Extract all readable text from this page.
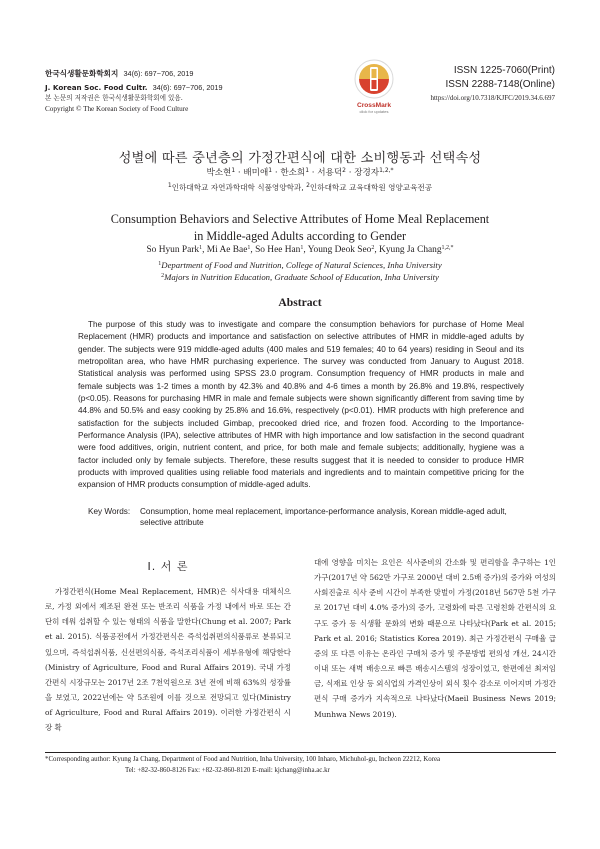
한국식생활문화학회지 34(6): 697~706, 2019
J. Korean Soc. Food Cultr. 34(6): 697~706, 2019
본 논문의 저작권은 한국식생활문화학회에 있음.
Copyright © The Korean Society of Food Culture	CrossMark
click for updates
ISSN 1225-7060(Print)
ISSN 2288-7148(Online)
https://doi.org/10.7318/KJFC/2019.34.6.697
성별에 따른 중년층의 가정간편식에 대한 소비행동과 선택속성
박소현$^1$ · 배미애$^1$ · 한소희$^1$ · 서용덕$^2$ · 장경자$^{1,2,*}$
$^1$인하대학교 자연과학대학 식품영양학과, $^2$인하대학교 교육대학원 영양교육전공
Consumption Behaviors and Selective Attributes of Home Meal Replacement
in Middle-aged Adults according to Gender
So Hyun Park$^1$, Mi Ae Bae$^1$, So Hee Han$^1$, Young Deok Seo$^2$, Kyung Ja Chang$^{1,2,*}$
$^1$Department of Food and Nutrition, College of Natural Sciences, Inha University
$^2$Majors in Nutrition Education, Graduate School of Education, Inha University
Abstract

The purpose of this study was to investigate and compare the consumption behaviors for purchase of Home Meal Replacement (HMR) products and importance and satisfaction on selective attributes of HMR in middle-aged adults by gender. The subjects were 919 middle-aged adults (400 males and 519 females; 40 to 64 years) residing in Seoul and its metropolitan area, who have HMR purchasing experience. The survey was conducted from January to August 2018. Statistical analysis was performed using SPSS 23.0 program. Consumption frequency of HMR products in male and female subjects was 1-2 times a month by 42.3% and 40.8% and 4-6 times a month by 26.8% and 19.8%, respectively (p<0.05). Reasons for purchasing HMR in male and female subjects were shown significantly different from saving time by 44.8% and 50.5% and easy cooking by 25.8% and 16.6%, respectively (p<0.01). HMR products with high preference and satisfaction for the subjects included Gimbap, precooked dried rice, and frozen food. According to the Importance-Performance Analysis (IPA), selective attributes of HMR with high importance and low satisfaction in the second quadrant were food additives, origin, nutrient content, and price, for both male and female subjects; additionally, hygiene was a factor included only by female subjects. Therefore, these results suggest that it is needed to consider to produce HMR products with improved qualities using reliable food materials and ingredients and to maintain competitive pricing for the expansion of HMR products consumption of middle-aged adults.

Key Words: Consumption, home meal replacement, importance-performance analysis, Korean middle-aged adult, selective attribute
I. 서 론

가정간편식(Home Meal Replacement, HMR)은 식사대용 대체식으로, 가정 외에서 제조된 완전 또는 반조리 식품을 가정 내에서 바로 또는 간단히 데워 섭취할 수 있는 형태의 식품을 말한다(Chung et al. 2007; Park et al. 2015). 식품공전에서 가정간편식은 즉석섭취편의식품류로 분류되고 있으며, 즉석섭취식품, 신선편의식품, 즉석조리식품이 세부유형에 해당한다(Ministry of Agriculture, Food and Rural Affairs 2019). 국내 가정간편식 시장규모는 2017년 2조 7천억원으로 3년 전에 비해 63%의 성장률을 보였고, 2022년에는 약 5조원에 이를 것으로 전망되고 있다(Ministry of Agriculture, Food and Rural Affairs 2019). 이러한 가정간편식 시장 확

대에 영향을 미치는 요인은 식사준비의 간소화 및 편리함을 추구하는 1인 가구(2017년 약 562만 가구로 2000년 대비 2.5배 증가)의 증가와 여성의 사회진출로 식사 준비 시간이 부족한 맞벌이 가정(2018년 567만 5천 가구로 2017년 대비 4.0% 증가)의 증가, 고령화에 따른 고령친화 간편식의 요구도 증가 등 식생활 문화의 변화 때문으로 나타났다(Park et al. 2015; Park et al. 2016; Statistics Korea 2019). 최근 가정간편식 구매율 급증의 또 다른 이유는 온라인 구매처 증가 및 주문방법 편의성 개선, 24시간 이내 또는 새벽 배송으로 빠른 배송시스템의 성장이었고, 한편에선 최저임금, 식재료 인상 등 외식업의 가격인상이 외식 횟수 감소로 이어지며 가정간편식 구매 증가가 지속적으로 나타났다(Maeil Business News 2019; Munhwa News 2019).

*Corresponding author: Kyung Ja Chang, Department of Food and Nutrition, Inha University, 100 Inharo, Michuhol-gu, Incheon 22212, Korea
Tel: +82-32-860-8126 Fax: +82-32-860-8120 E-mail: kjchang@inha.ac.kr
